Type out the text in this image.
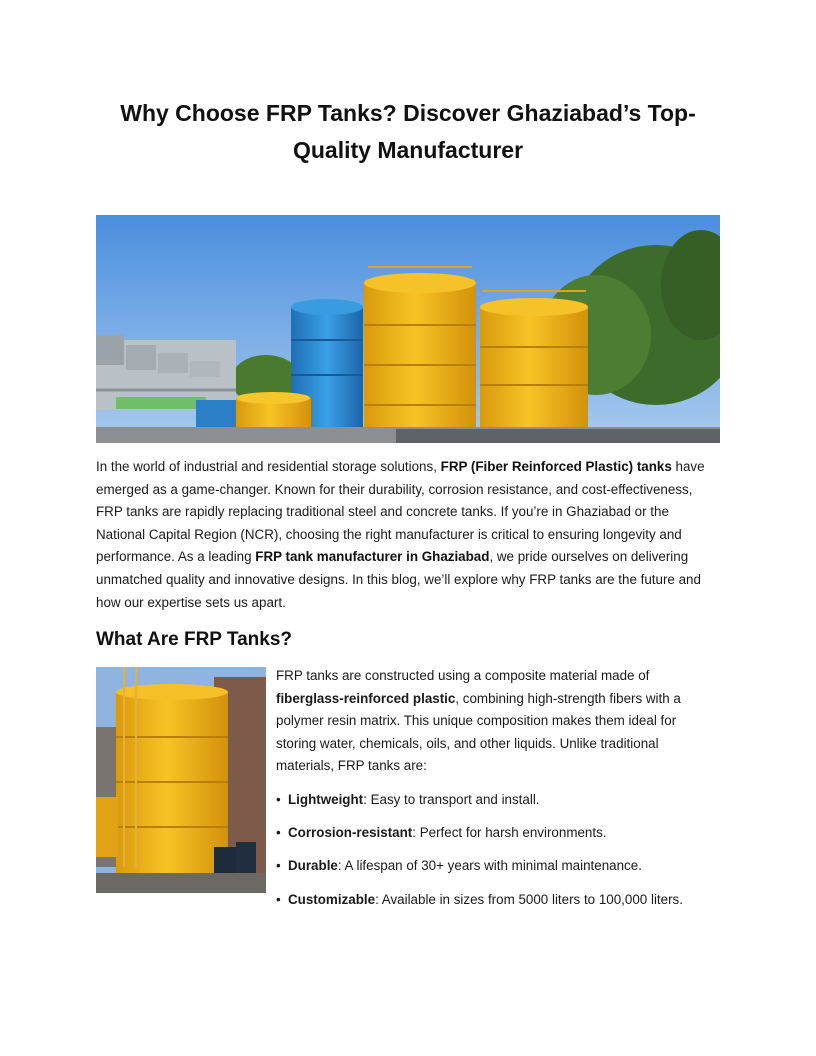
Why Choose FRP Tanks? Discover Ghaziabad’s Top-Quality Manufacturer

In the world of industrial and residential storage solutions, FRP (Fiber Reinforced Plastic) tanks have emerged as a game-changer. Known for their durability, corrosion resistance, and cost-effectiveness, FRP tanks are rapidly replacing traditional steel and concrete tanks. If you’re in Ghaziabad or the National Capital Region (NCR), choosing the right manufacturer is critical to ensuring longevity and performance. As a leading FRP tank manufacturer in Ghaziabad, we pride ourselves on delivering unmatched quality and innovative designs. In this blog, we’ll explore why FRP tanks are the future and how our expertise sets us apart.

What Are FRP Tanks?

FRP tanks are constructed using a composite material made of fiberglass-reinforced plastic, combining high-strength fibers with a polymer resin matrix. This unique composition makes them ideal for storing water, chemicals, oils, and other liquids. Unlike traditional materials, FRP tanks are:

• Lightweight: Easy to transport and install.
• Corrosion-resistant: Perfect for harsh environments.
• Durable: A lifespan of 30+ years with minimal maintenance.
• Customizable: Available in sizes from 5000 liters to 100,000 liters.
